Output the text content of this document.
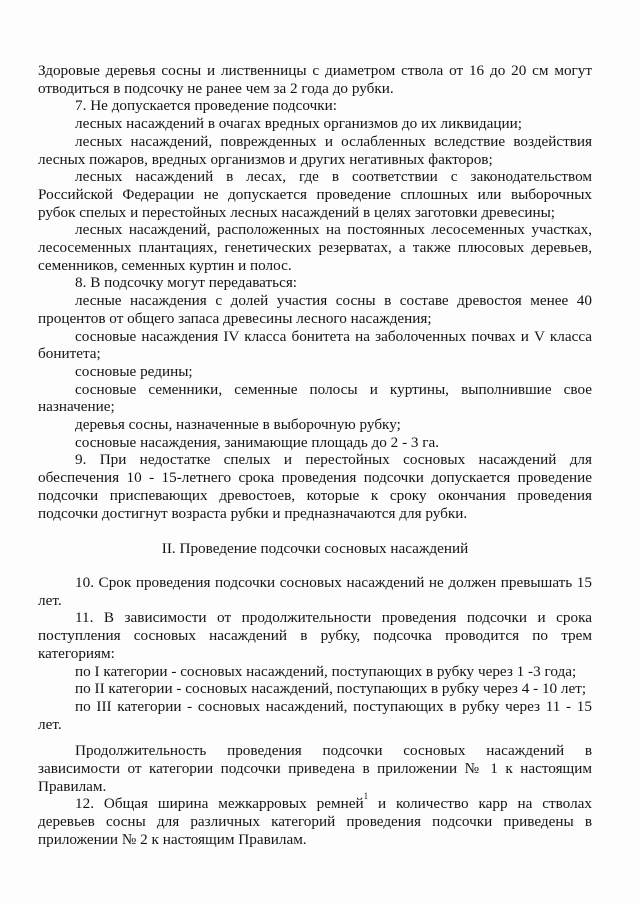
Здоровые деревья сосны и лиственницы с диаметром ствола от 16 до 20 см могут отводиться в подсочку не ранее чем за 2 года до рубки.

7. Не допускается проведение подсочки:

лесных насаждений в очагах вредных организмов до их ликвидации;

лесных насаждений, поврежденных и ослабленных вследствие воздействия лесных пожаров, вредных организмов и других негативных факторов;

лесных насаждений в лесах, где в соответствии с законодательством Российской Федерации не допускается проведение сплошных или выборочных рубок спелых и перестойных лесных насаждений в целях заготовки древесины;

лесных насаждений, расположенных на постоянных лесосеменных участках, лесосеменных плантациях, генетических резерватах, а также плюсовых деревьев, семенников, семенных куртин и полос.

8. В подсочку могут передаваться:

лесные насаждения с долей участия сосны в составе древостоя менее 40 процентов от общего запаса древесины лесного насаждения;

сосновые насаждения IV класса бонитета на заболоченных почвах и V класса бонитета;

сосновые редины;

сосновые семенники, семенные полосы и куртины, выполнившие свое назначение;

деревья сосны, назначенные в выборочную рубку;

сосновые насаждения, занимающие площадь до 2 - 3 га.

9. При недостатке спелых и перестойных сосновых насаждений для обеспечения 10 - 15-летнего срока проведения подсочки допускается проведение подсочки приспевающих древостоев, которые к сроку окончания проведения подсочки достигнут возраста рубки и предназначаются для рубки.

II. Проведение подсочки сосновых насаждений

10. Срок проведения подсочки сосновых насаждений не должен превышать 15 лет.

11. В зависимости от продолжительности проведения подсочки и срока поступления сосновых насаждений в рубку, подсочка проводится по трем категориям:

по I категории - сосновых насаждений, поступающих в рубку через 1 -3 года;

по II категории - сосновых насаждений, поступающих в рубку через 4 - 10 лет;

по III категории - сосновых насаждений, поступающих в рубку через 11 - 15 лет.

Продолжительность проведения подсочки сосновых насаждений в зависимости от категории подсочки приведена в приложении № 1 к настоящим Правилам.

12. Общая ширина межкарровых ремней$^1$ и количество карр на стволах деревьев сосны для различных категорий проведения подсочки приведены в приложении № 2 к настоящим Правилам.
